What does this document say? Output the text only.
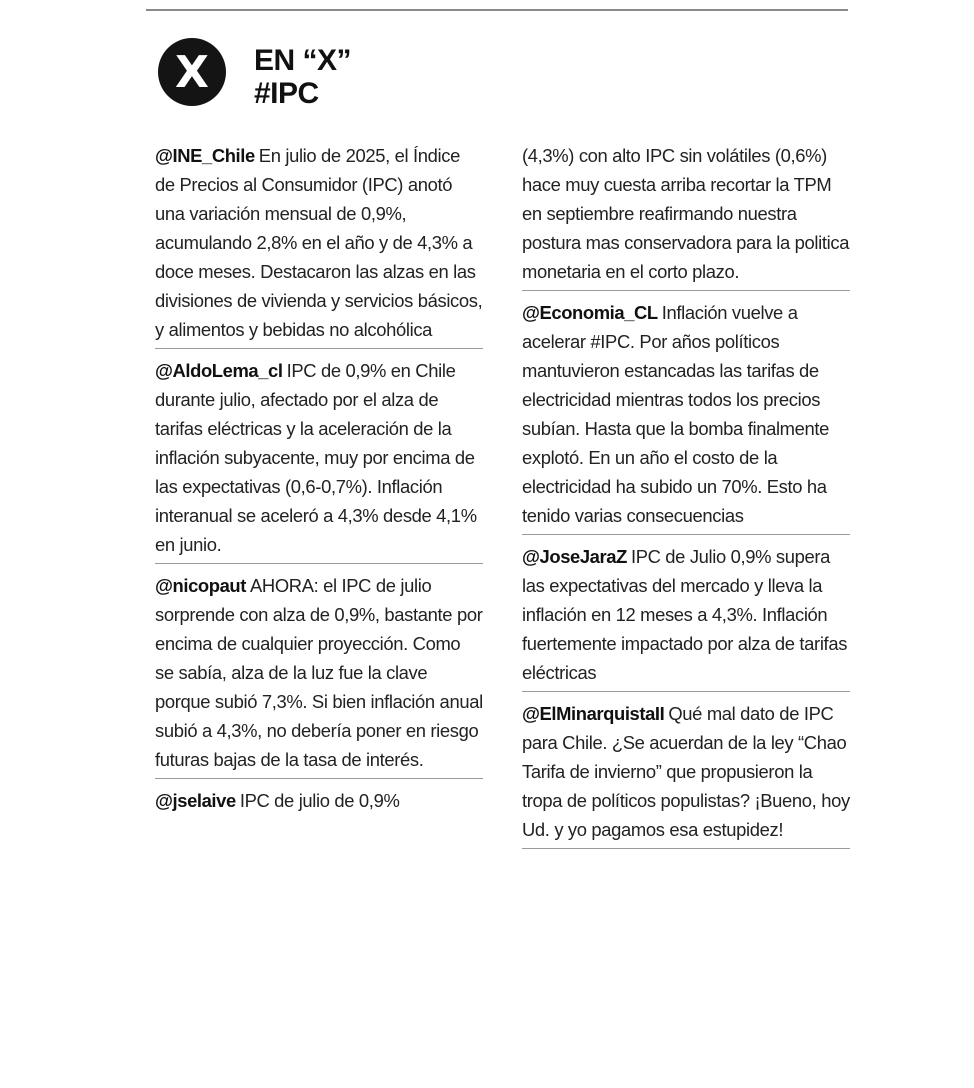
X	EN “X”
#IPC
@INE_Chile En julio de 2025, el Índice de Precios al Consumidor (IPC) anotó una variación mensual de 0,9%, acumulando 2,8% en el año y de 4,3% a doce meses. Destacaron las alzas en las divisiones de vivienda y servicios básicos, y alimentos y bebidas no alcohólica
@AldoLema_cl IPC de 0,9% en Chile durante julio, afectado por el alza de tarifas eléctricas y la aceleración de la inflación subyacente, muy por encima de las expectativas (0,6-0,7%). Inflación interanual se aceleró a 4,3% desde 4,1% en junio.
@nicopaut AHORA: el IPC de julio sorprende con alza de 0,9%, bastante por encima de cualquier proyección. Como se sabía, alza de la luz fue la clave porque subió 7,3%. Si bien inflación anual subió a 4,3%, no debería poner en riesgo futuras bajas de la tasa de interés.
@jselaive IPC de julio de 0,9%
(4,3%) con alto IPC sin volátiles (0,6%) hace muy cuesta arriba recortar la TPM en septiembre reafirmando nuestra postura mas conservadora para la politica monetaria en el corto plazo.
@Economia_CL Inflación vuelve a acelerar #IPC. Por años políticos mantuvieron estancadas las tarifas de electricidad mientras todos los precios subían. Hasta que la bomba finalmente explotó. En un año el costo de la electricidad ha subido un 70%. Esto ha tenido varias consecuencias
@JoseJaraZ IPC de Julio 0,9% supera las expectativas del mercado y lleva la inflación en 12 meses a 4,3%. Inflación fuertemente impactado por alza de tarifas eléctricas
@ElMinarquistaII Qué mal dato de IPC para Chile. ¿Se acuerdan de la ley “Chao Tarifa de invierno” que propusieron la tropa de políticos populistas? ¡Bueno, hoy Ud. y yo pagamos esa estupidez!
